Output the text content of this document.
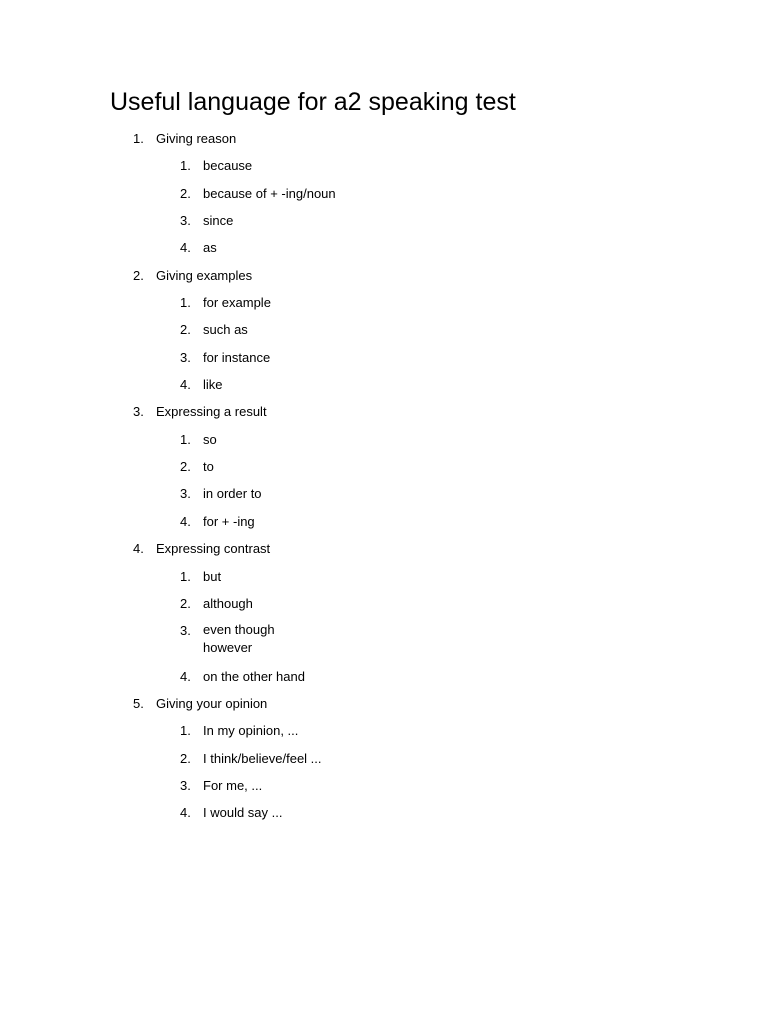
Useful language for a2 speaking test
1. Giving reason
1. because
2. because of + -ing/noun
3. since
4. as
2. Giving examples
1. for example
2. such as
3. for instance
4. like
3. Expressing a result
1. so
2. to
3. in order to
4. for + -ing
4. Expressing contrast
1. but
2. although
3. even though
however
4. on the other hand
5. Giving your opinion
1. In my opinion, ...
2. I think/believe/feel ...
3. For me, ...
4. I would say ...
